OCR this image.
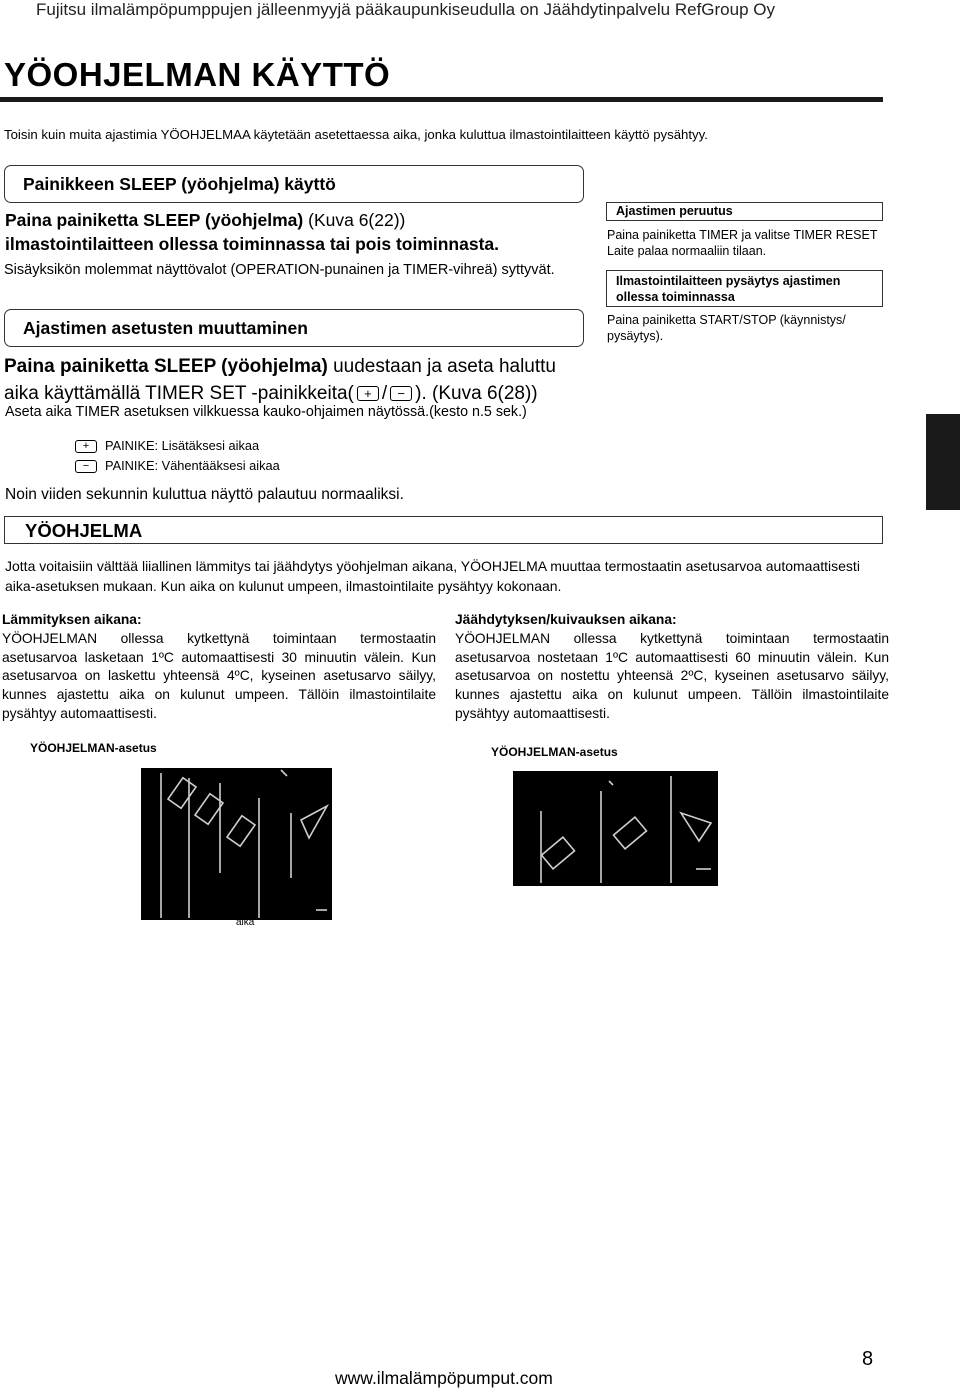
Fujitsu ilmalämpöpumppujen jälleenmyyjä pääkaupunkiseudulla on Jäähdytinpalvelu RefGroup Oy
YÖOHJELMAN KÄYTTÖ
Toisin kuin muita ajastimia YÖOHJELMAA käytetään asetettaessa aika, jonka kuluttua ilmastointilaitteen käyttö pysähtyy.
Painikkeen SLEEP (yöohjelma) käyttö
Paina painiketta SLEEP (yöohjelma) (Kuva 6(22))
ilmastointilaitteen ollessa toiminnassa tai pois toiminnasta.
Sisäyksikön molemmat näyttövalot (OPERATION-punainen ja TIMER-vihreä) syttyvät.
Ajastimen asetusten muuttaminen
Paina painiketta SLEEP (yöohjelma) uudestaan ja aseta haluttu
aika käyttämällä TIMER SET -painikkeita( + / − ). (Kuva 6(28))
Aseta aika TIMER asetuksen vilkkuessa kauko-ohjaimen näytössä.(kesto n.5 sek.)
+ PAINIKE: Lisätäksesi aikaa
− PAINIKE: Vähentääksesi aikaa
Noin viiden sekunnin kuluttua näyttö palautuu normaaliksi.
YÖOHJELMA
Jotta voitaisiin välttää liiallinen lämmitys tai jäähdytys yöohjelman aikana, YÖOHJELMA muuttaa termostaatin asetusarvoa automaattisesti aika-asetuksen mukaan. Kun aika on kulunut umpeen, ilmastointilaite pysähtyy kokonaan.
Lämmityksen aikana:
YÖOHJELMAN ollessa kytkettynä toimintaan termostaatin asetusarvoa lasketaan 1ºC automaattisesti 30 minuutin välein. Kun asetusarvoa on laskettu yhteensä 4ºC, kyseinen asetusarvo säilyy, kunnes ajastettu aika on kulunut umpeen. Tällöin ilmastointilaite pysähtyy automaattisesti.
Jäähdytyksen/kuivauksen aikana:
YÖOHJELMAN ollessa kytkettynä toimintaan termostaatin asetusarvoa nostetaan 1ºC automaattisesti 60 minuutin välein. Kun asetusarvoa on nostettu yhteensä 2ºC, kyseinen asetusarvo säilyy, kunnes ajastettu aika on kulunut umpeen. Tällöin ilmastointilaite pysähtyy automaattisesti.
YÖOHJELMAN-asetus
aika
YÖOHJELMAN-asetus
Ajastimen peruutus
Paina painiketta TIMER ja valitse TIMER RESET Laite palaa normaaliin tilaan.
Ilmastointilaitteen pysäytys ajastimen ollessa toiminnassa
Paina painiketta START/STOP (käynnistys/ pysäytys).
www.ilmalämpöpumput.com
8
